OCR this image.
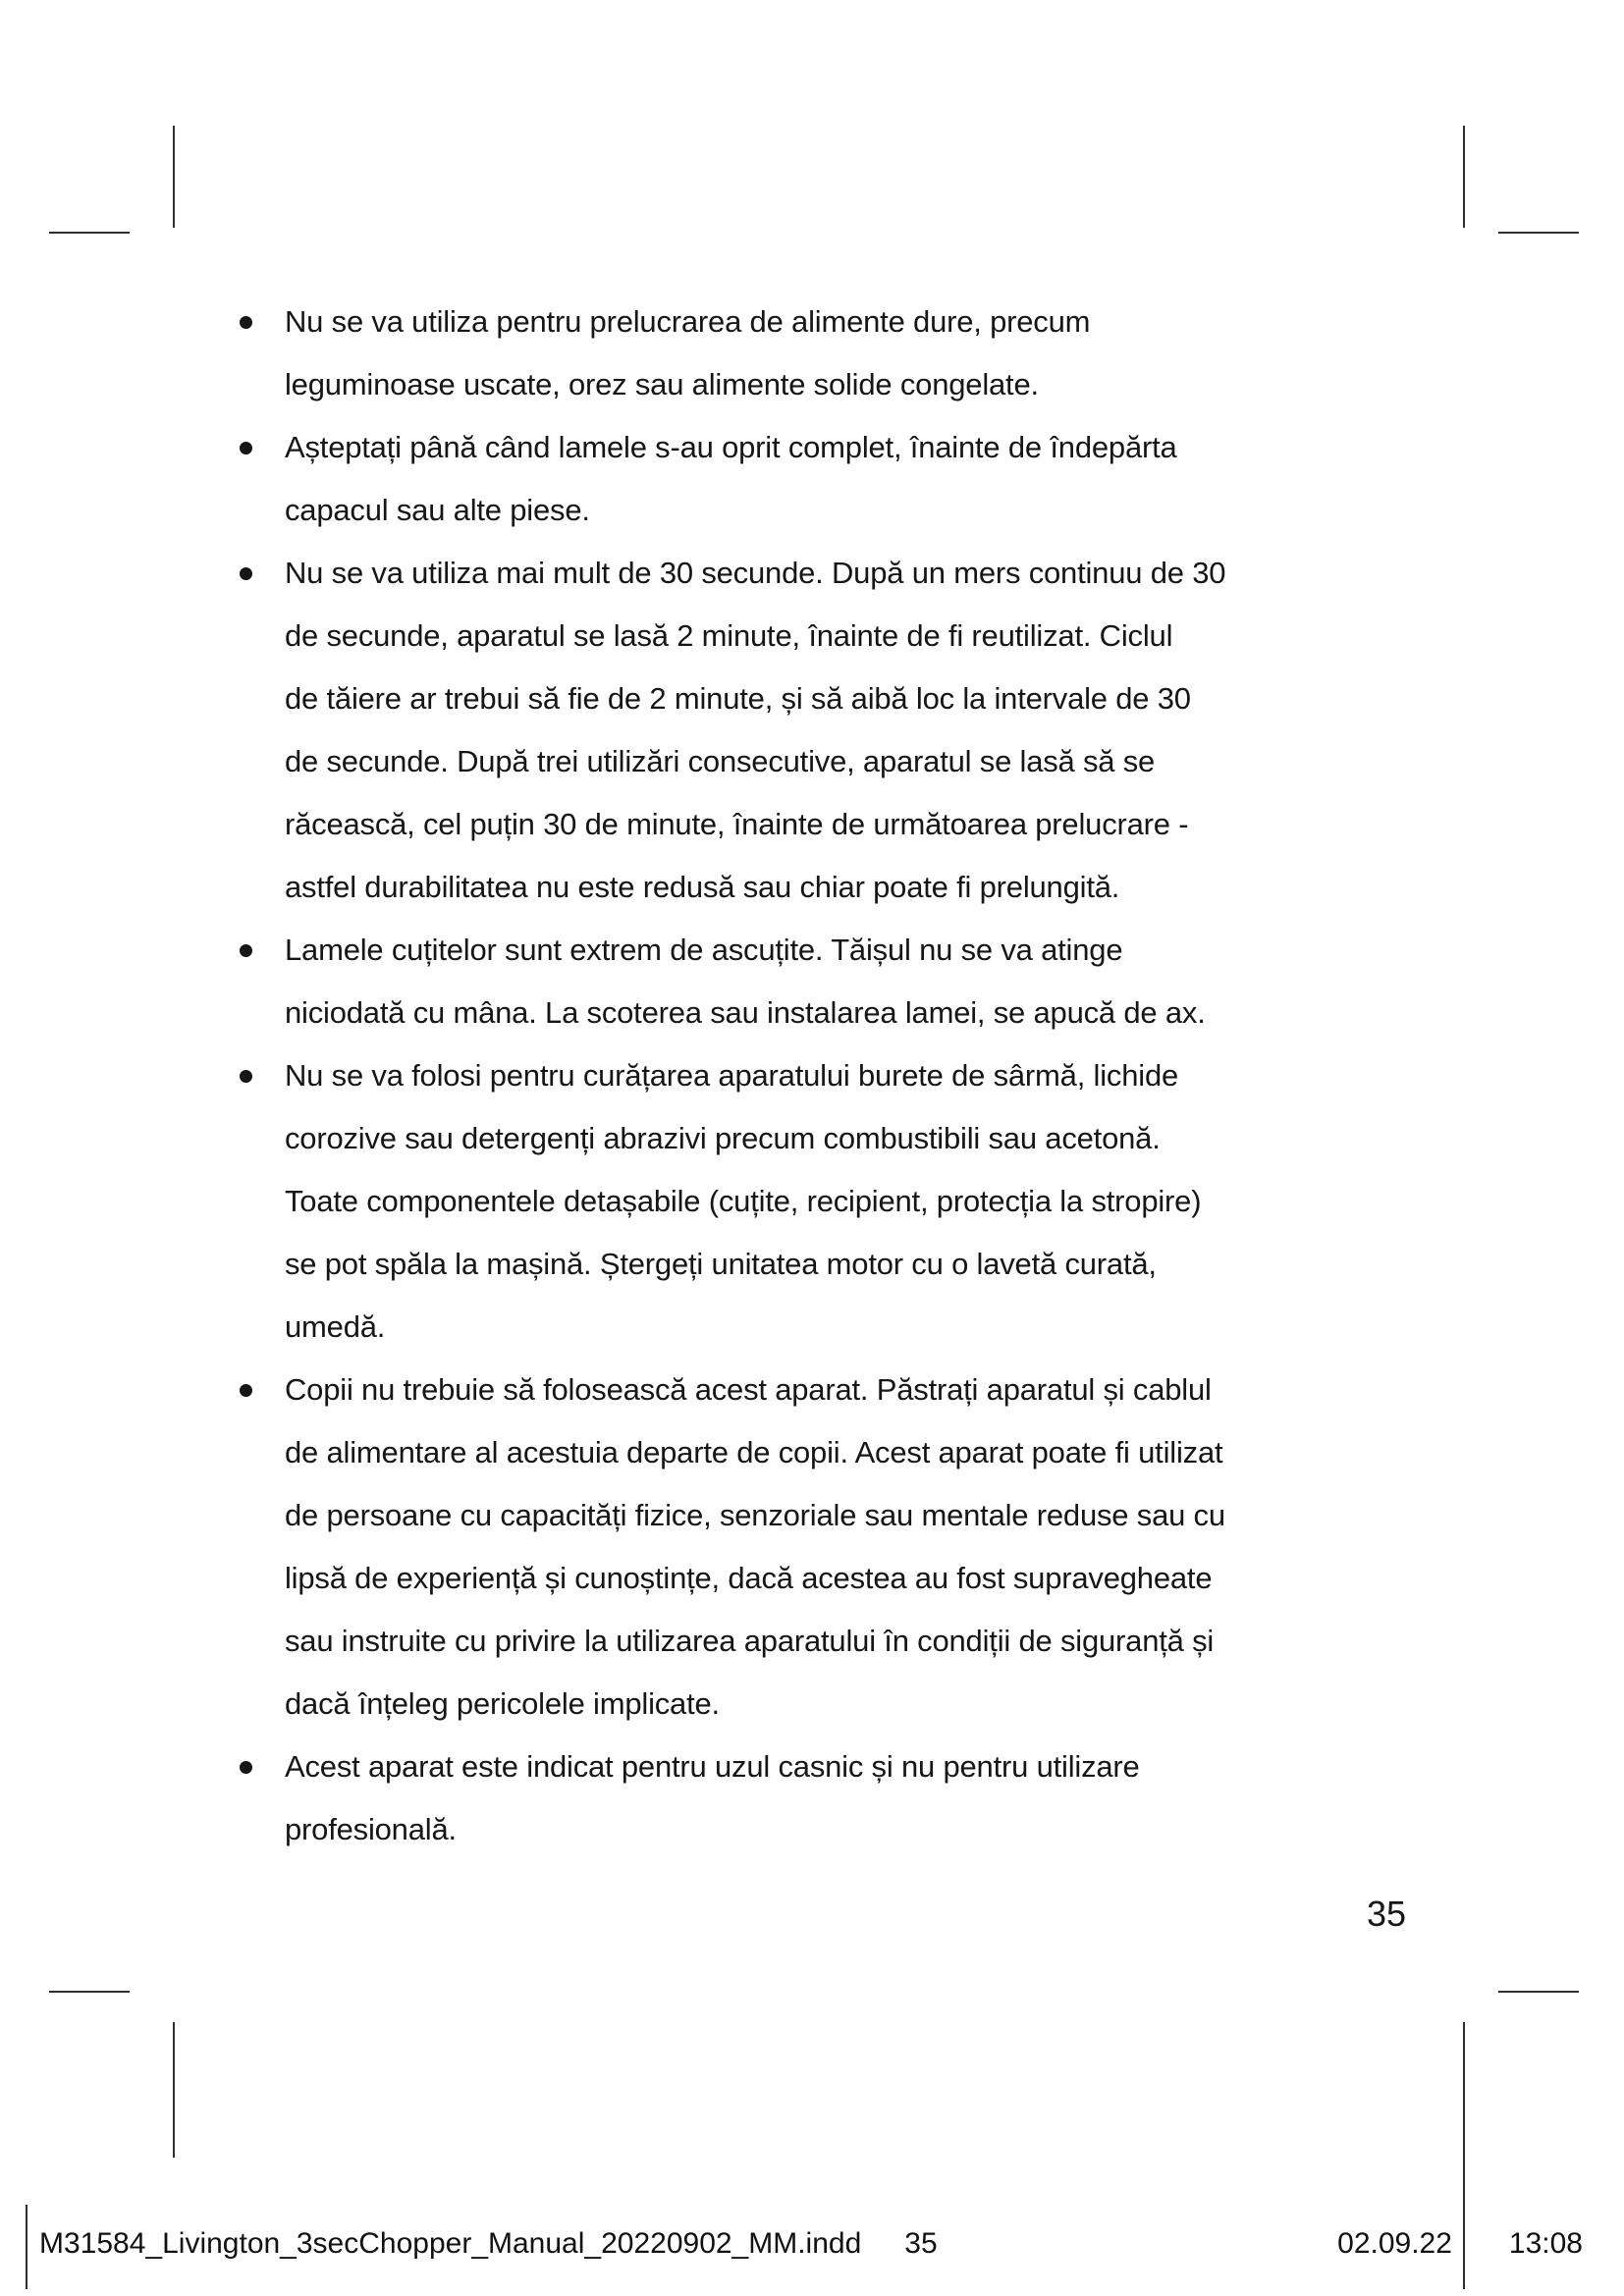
Nu se va utiliza pentru prelucrarea de alimente dure, precum
leguminoase uscate, orez sau alimente solide congelate.
Așteptați până când lamele s-au oprit complet, înainte de îndepărta
capacul sau alte piese.
Nu se va utiliza mai mult de 30 secunde. După un mers continuu de 30
de secunde, aparatul se lasă 2 minute, înainte de fi reutilizat. Ciclul
de tăiere ar trebui să fie de 2 minute, și să aibă loc la intervale de 30
de secunde. După trei utilizări consecutive, aparatul se lasă să se
răcească, cel puțin 30 de minute, înainte de următoarea prelucrare -
astfel durabilitatea nu este redusă sau chiar poate fi prelungită.
Lamele cuțitelor sunt extrem de ascuțite. Tăișul nu se va atinge
niciodată cu mâna. La scoterea sau instalarea lamei, se apucă de ax.
Nu se va folosi pentru curățarea aparatului burete de sârmă, lichide
corozive sau detergenți abrazivi precum combustibili sau acetonă.
Toate componentele detașabile (cuțite, recipient, protecția la stropire)
se pot spăla la mașină. Ștergeți unitatea motor cu o lavetă curată,
umedă.
Copii nu trebuie să folosească acest aparat. Păstrați aparatul și cablul
de alimentare al acestuia departe de copii. Acest aparat poate fi utilizat
de persoane cu capacități fizice, senzoriale sau mentale reduse sau cu
lipsă de experiență și cunoștințe, dacă acestea au fost supravegheate
sau instruite cu privire la utilizarea aparatului în condiții de siguranță și
dacă înțeleg pericolele implicate.
Acest aparat este indicat pentru uzul casnic și nu pentru utilizare
profesională.
35
M31584_Livington_3secChopper_Manual_20220902_MM.indd 35	02.09.22 13:08
